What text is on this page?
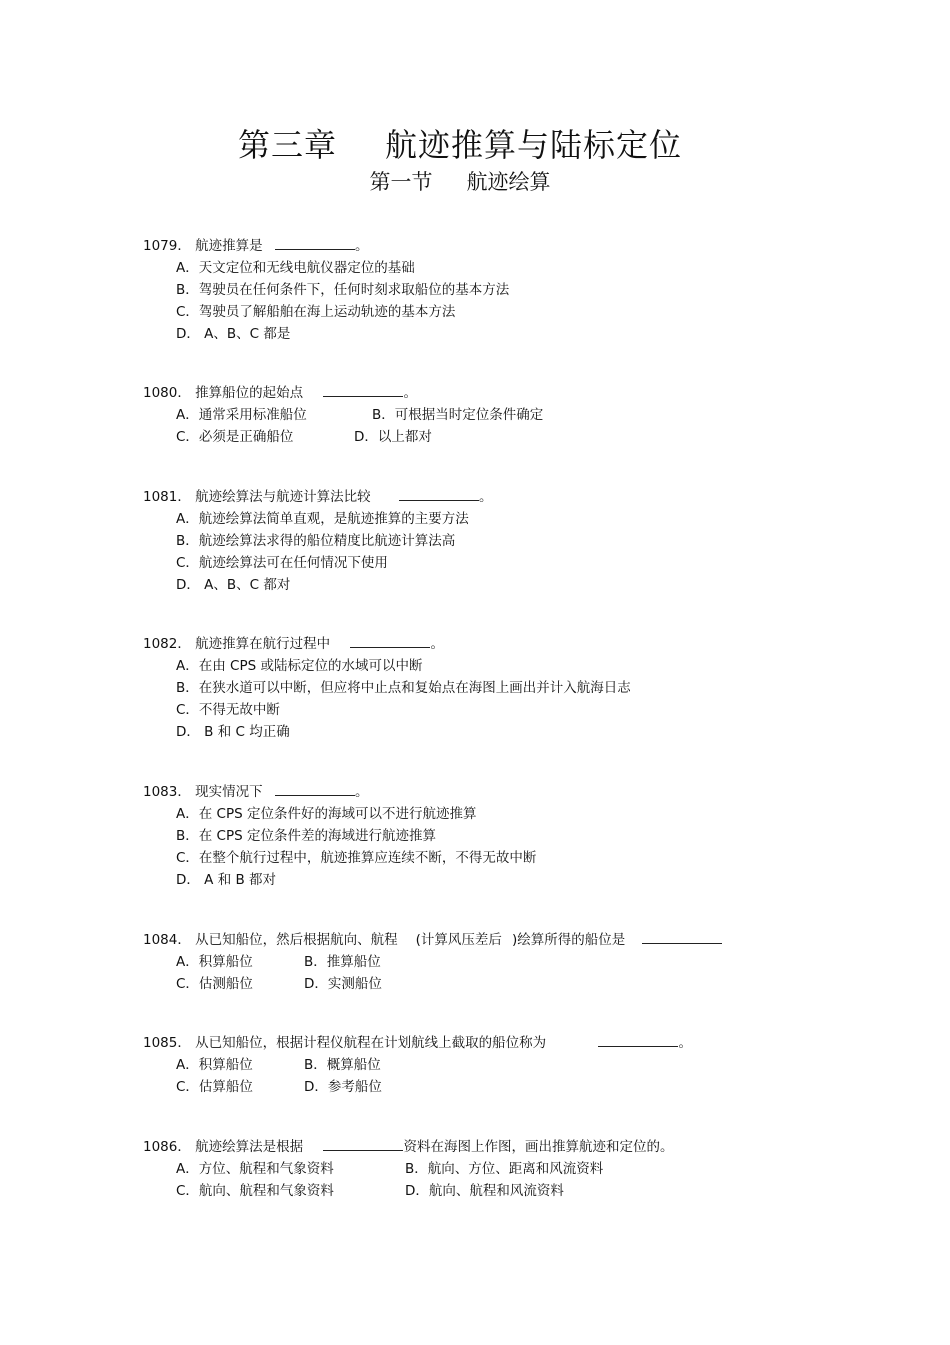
第三章 航迹推算与陆标定位
第一节 航迹绘算
1079． 航迹推算是	。
A．天文定位和无线电航仪器定位的基础
B．驾驶员在任何条件下，任何时刻求取船位的基本方法
C．驾驶员了解船舶在海上运动轨迹的基本方法
D． A、B、C 都是
1080． 推算船位的起始点	。
A．通常采用标准船位	B．可根据当时定位条件确定
C．必须是正确船位	D．以上都对
1081． 航迹绘算法与航迹计算法比较	。
A．航迹绘算法简单直观，是航迹推算的主要方法
B．航迹绘算法求得的船位精度比航迹计算法高
C．航迹绘算法可在任何情况下使用
D． A、B、C 都对
1082． 航迹推算在航行过程中	。
A．在由 CPS 或陆标定位的水域可以中断
B．在狭水道可以中断，但应将中止点和复始点在海图上画出并计入航海日志
C．不得无故中断
D． B 和 C 均正确
1083． 现实情况下	。
A．在 CPS 定位条件好的海域可以不进行航迹推算
B．在 CPS 定位条件差的海域进行航迹推算
C．在整个航行过程中，航迹推算应连续不断，不得无故中断
D． A 和 B 都对
1084． 从已知船位，然后根据航向、航程 (计算风压差后 )绘算所得的船位是
A．积算船位	B．推算船位
C．估测船位	D．实测船位
1085． 从已知船位，根据计程仪航程在计划航线上截取的船位称为	。
A．积算船位	B．概算船位
C．估算船位	D．参考船位
1086． 航迹绘算法是根据	资料在海图上作图，画出推算航迹和定位的。
A．方位、航程和气象资料	B．航向、方位、距离和风流资料
C．航向、航程和气象资料	D．航向、航程和风流资料
